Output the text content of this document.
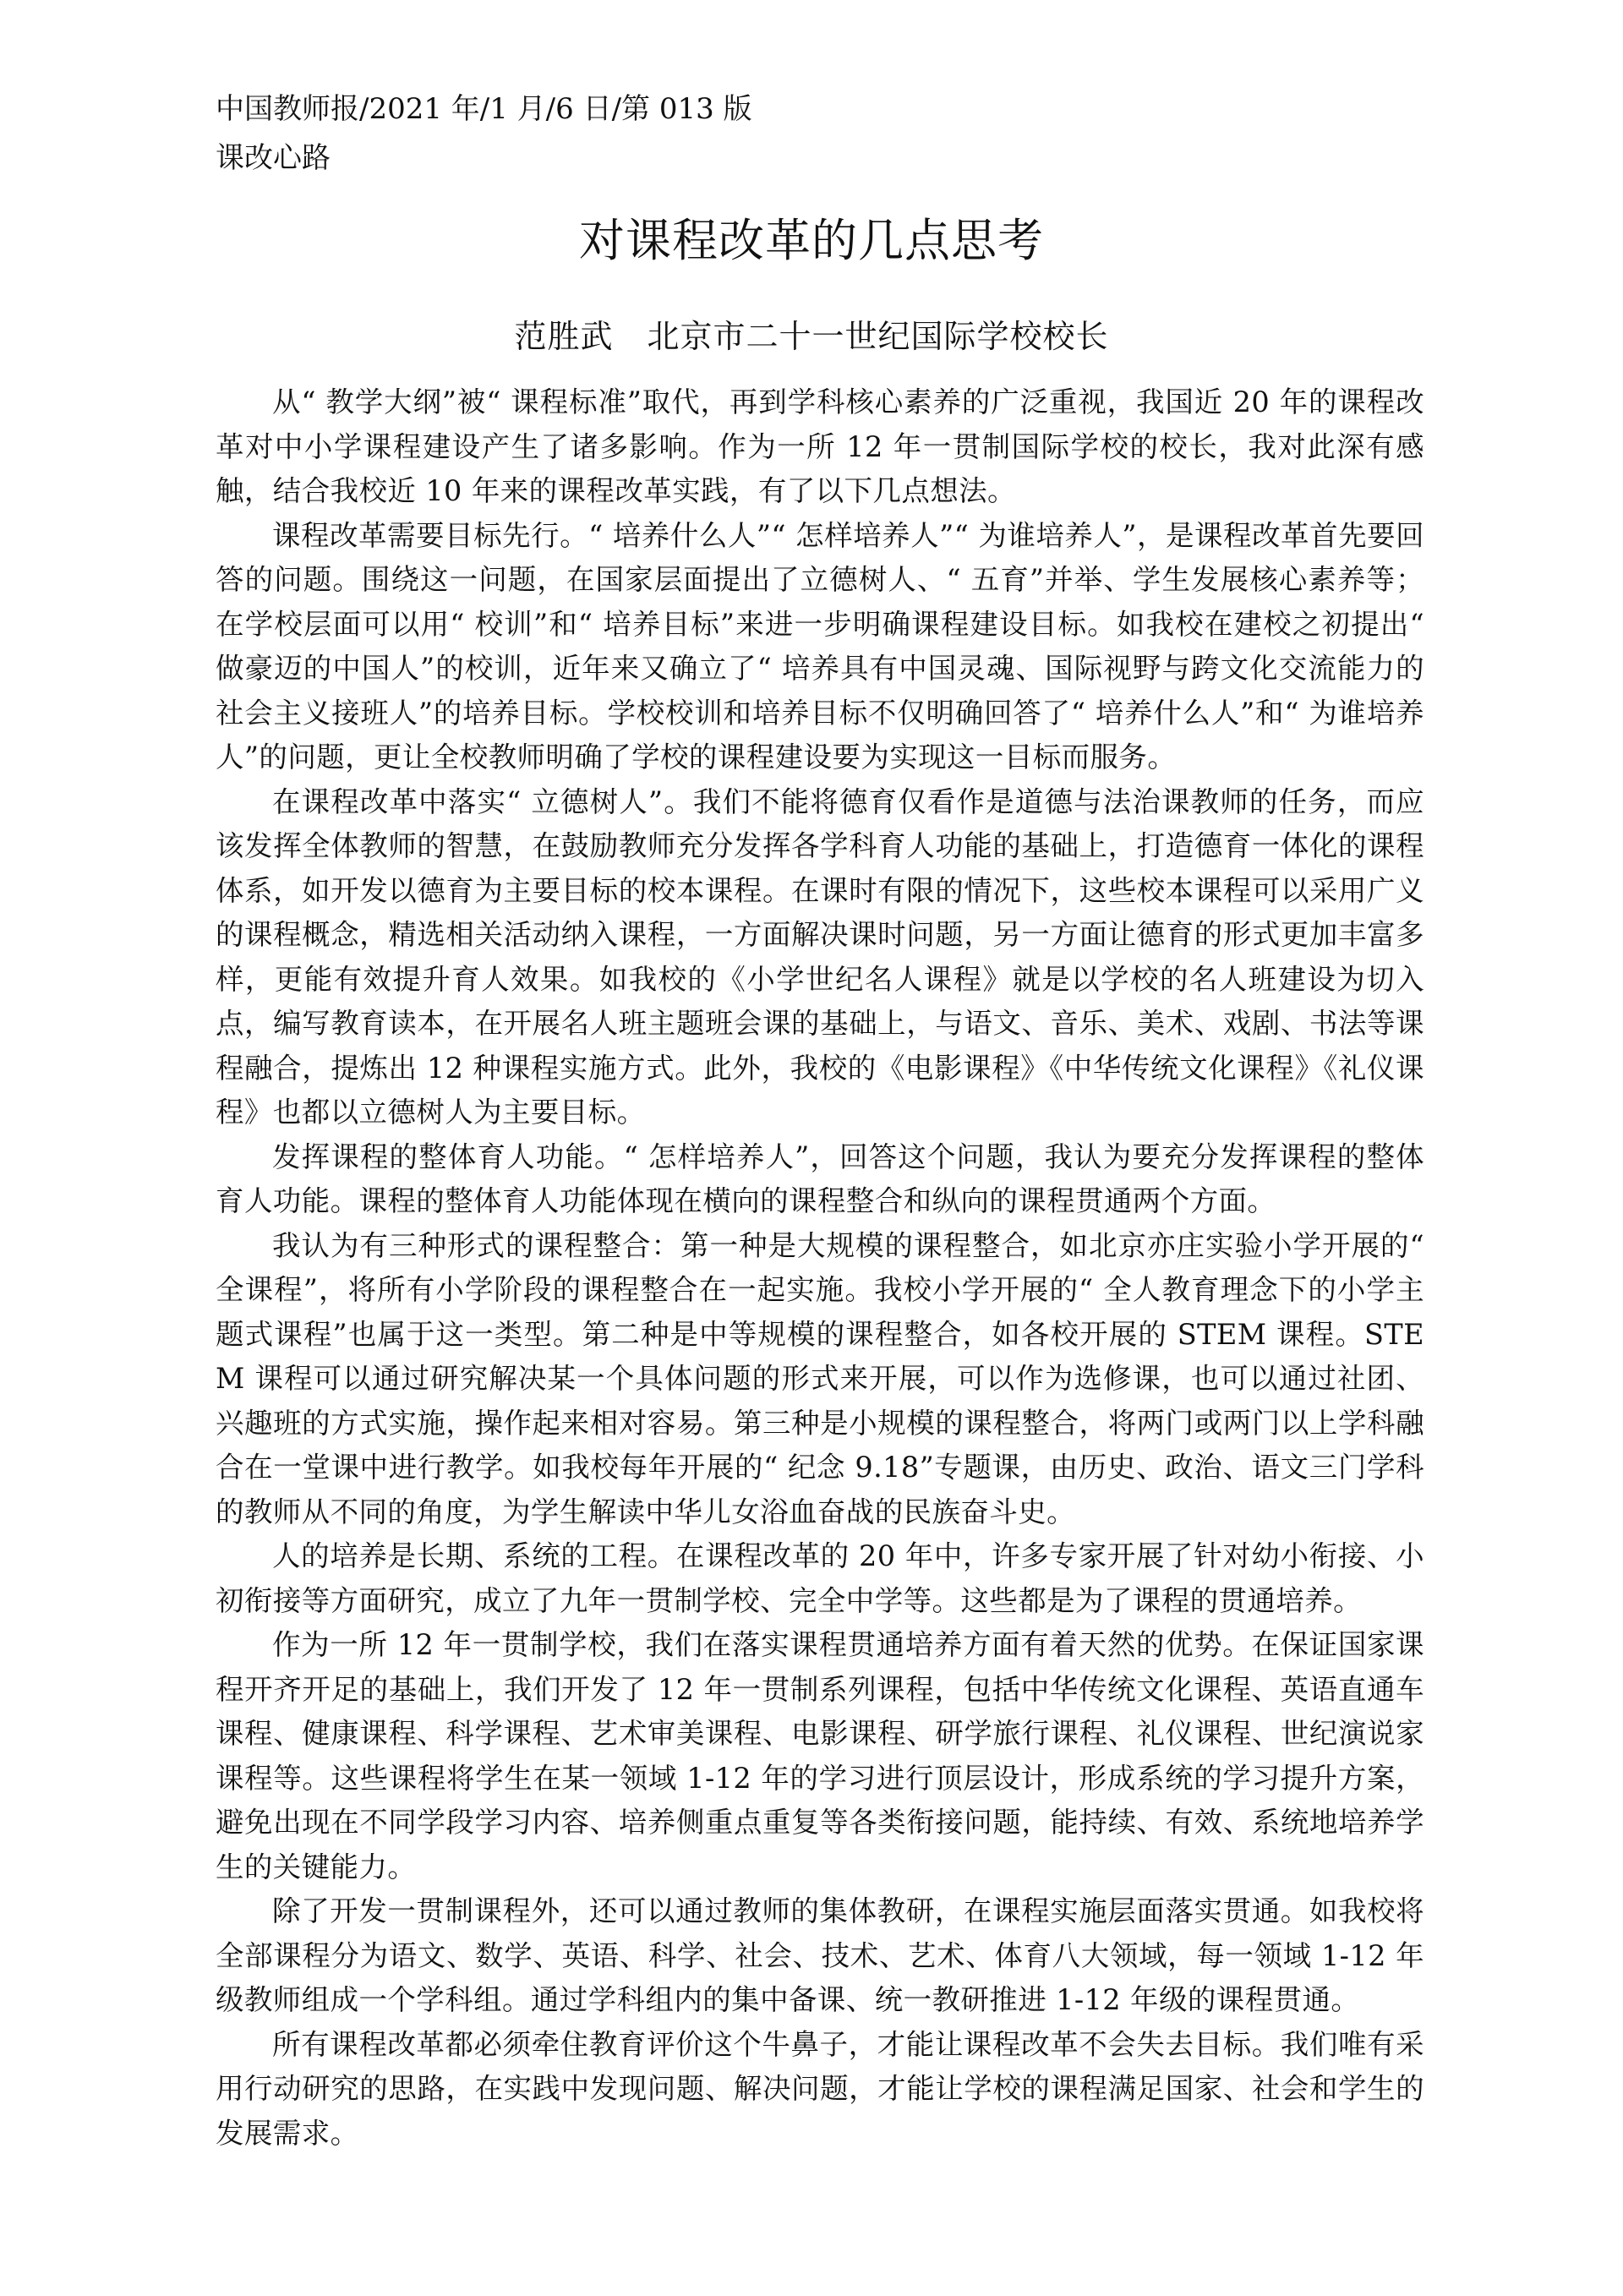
中国教师报/2021 年/1 月/6 日/第 013 版
课改心路
对课程改革的几点思考
范胜武 北京市二十一世纪国际学校校长

从“ 教学大纲”被“ 课程标准”取代，再到学科核心素养的广泛重视，我国近 20 年的课程改革对中小学课程建设产生了诸多影响。作为一所 12 年一贯制国际学校的校长，我对此深有感触，结合我校近 10 年来的课程改革实践，有了以下几点想法。

课程改革需要目标先行。“ 培养什么人”“ 怎样培养人”“ 为谁培养人”，是课程改革首先要回答的问题。围绕这一问题，在国家层面提出了立德树人、“ 五育”并举、学生发展核心素养等；在学校层面可以用“ 校训”和“ 培养目标”来进一步明确课程建设目标。如我校在建校之初提出“ 做豪迈的中国人”的校训，近年来又确立了“ 培养具有中国灵魂、国际视野与跨文化交流能力的社会主义接班人”的培养目标。学校校训和培养目标不仅明确回答了“ 培养什么人”和“ 为谁培养人”的问题，更让全校教师明确了学校的课程建设要为实现这一目标而服务。

在课程改革中落实“ 立德树人”。我们不能将德育仅看作是道德与法治课教师的任务，而应该发挥全体教师的智慧，在鼓励教师充分发挥各学科育人功能的基础上，打造德育一体化的课程体系，如开发以德育为主要目标的校本课程。在课时有限的情况下，这些校本课程可以采用广义的课程概念，精选相关活动纳入课程，一方面解决课时问题，另一方面让德育的形式更加丰富多样，更能有效提升育人效果。如我校的《小学世纪名人课程》就是以学校的名人班建设为切入点，编写教育读本，在开展名人班主题班会课的基础上，与语文、音乐、美术、戏剧、书法等课程融合，提炼出 12 种课程实施方式。此外，我校的《电影课程》《中华传统文化课程》《礼仪课程》也都以立德树人为主要目标。

发挥课程的整体育人功能。“ 怎样培养人”，回答这个问题，我认为要充分发挥课程的整体育人功能。课程的整体育人功能体现在横向的课程整合和纵向的课程贯通两个方面。

我认为有三种形式的课程整合：第一种是大规模的课程整合，如北京亦庄实验小学开展的“ 全课程”，将所有小学阶段的课程整合在一起实施。我校小学开展的“ 全人教育理念下的小学主题式课程”也属于这一类型。第二种是中等规模的课程整合，如各校开展的 STEM 课程。STEM 课程可以通过研究解决某一个具体问题的形式来开展，可以作为选修课，也可以通过社团、兴趣班的方式实施，操作起来相对容易。第三种是小规模的课程整合，将两门或两门以上学科融合在一堂课中进行教学。如我校每年开展的“ 纪念 9.18”专题课，由历史、政治、语文三门学科的教师从不同的角度，为学生解读中华儿女浴血奋战的民族奋斗史。

人的培养是长期、系统的工程。在课程改革的 20 年中，许多专家开展了针对幼小衔接、小初衔接等方面研究，成立了九年一贯制学校、完全中学等。这些都是为了课程的贯通培养。

作为一所 12 年一贯制学校，我们在落实课程贯通培养方面有着天然的优势。在保证国家课程开齐开足的基础上，我们开发了 12 年一贯制系列课程，包括中华传统文化课程、英语直通车课程、健康课程、科学课程、艺术审美课程、电影课程、研学旅行课程、礼仪课程、世纪演说家课程等。这些课程将学生在某一领域 1-12 年的学习进行顶层设计，形成系统的学习提升方案，避免出现在不同学段学习内容、培养侧重点重复等各类衔接问题，能持续、有效、系统地培养学生的关键能力。

除了开发一贯制课程外，还可以通过教师的集体教研，在课程实施层面落实贯通。如我校将全部课程分为语文、数学、英语、科学、社会、技术、艺术、体育八大领域，每一领域 1-12 年级教师组成一个学科组。通过学科组内的集中备课、统一教研推进 1-12 年级的课程贯通。

所有课程改革都必须牵住教育评价这个牛鼻子，才能让课程改革不会失去目标。我们唯有采用行动研究的思路，在实践中发现问题、解决问题，才能让学校的课程满足国家、社会和学生的发展需求。
